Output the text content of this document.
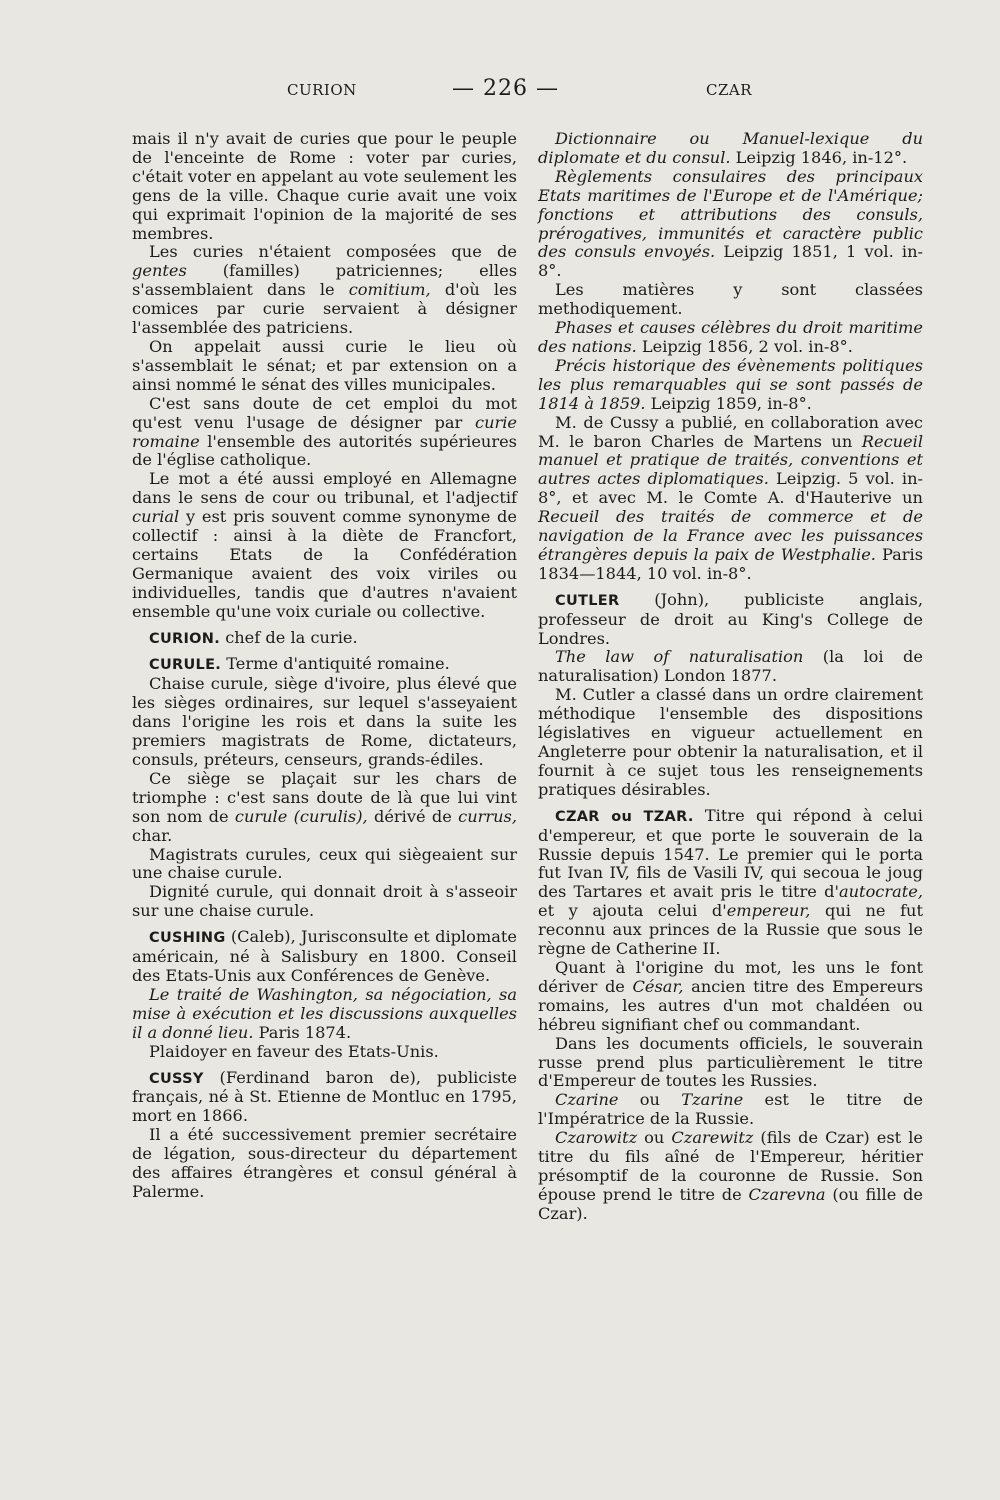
CURION	— 226 —	CZAR

mais il n'y avait de curies que pour le peuple de l'enceinte de Rome : voter par curies, c'était voter en appelant au vote seulement les gens de la ville. Chaque curie avait une voix qui exprimait l'opinion de la majorité de ses membres.

Les curies n'étaient composées que de gentes (familles) patriciennes; elles s'assemblaient dans le comitium, d'où les comices par curie servaient à désigner l'assemblée des patriciens.

On appelait aussi curie le lieu où s'assemblait le sénat; et par extension on a ainsi nommé le sénat des villes municipales.

C'est sans doute de cet emploi du mot qu'est venu l'usage de désigner par curie romaine l'ensemble des autorités supérieures de l'église catholique.

Le mot a été aussi employé en Allemagne dans le sens de cour ou tribunal, et l'adjectif curial y est pris souvent comme synonyme de collectif : ainsi à la diète de Francfort, certains Etats de la Confédération Germanique avaient des voix viriles ou individuelles, tandis que d'autres n'avaient ensemble qu'une voix curiale ou collective.

CURION. chef de la curie.

CURULE. Terme d'antiquité romaine.

Chaise curule, siège d'ivoire, plus élevé que les sièges ordinaires, sur lequel s'asseyaient dans l'origine les rois et dans la suite les premiers magistrats de Rome, dictateurs, consuls, préteurs, censeurs, grands-édiles.

Ce siège se plaçait sur les chars de triomphe : c'est sans doute de là que lui vint son nom de curule (curulis), dérivé de currus, char.

Magistrats curules, ceux qui siègeaient sur une chaise curule.

Dignité curule, qui donnait droit à s'asseoir sur une chaise curule.

CUSHING (Caleb), Jurisconsulte et diplomate américain, né à Salisbury en 1800. Conseil des Etats-Unis aux Conférences de Genève.

Le traité de Washington, sa négociation, sa mise à exécution et les discussions auxquelles il a donné lieu. Paris 1874.

Plaidoyer en faveur des Etats-Unis.

CUSSY (Ferdinand baron de), publiciste français, né à St. Etienne de Montluc en 1795, mort en 1866.

Il a été successivement premier secrétaire de légation, sous-directeur du département des affaires étrangères et consul général à Palerme.

Dictionnaire ou Manuel-lexique du diplomate et du consul. Leipzig 1846, in-12°.

Règlements consulaires des principaux Etats maritimes de l'Europe et de l'Amérique; fonctions et attributions des consuls, prérogatives, immunités et caractère public des consuls envoyés. Leipzig 1851, 1 vol. in-8°.

Les matières y sont classées methodiquement.

Phases et causes célèbres du droit maritime des nations. Leipzig 1856, 2 vol. in-8°.

Précis historique des évènements politiques les plus remarquables qui se sont passés de 1814 à 1859. Leipzig 1859, in-8°.

M. de Cussy a publié, en collaboration avec M. le baron Charles de Martens un Recueil manuel et pratique de traités, conventions et autres actes diplomatiques. Leipzig. 5 vol. in-8°, et avec M. le Comte A. d'Hauterive un Recueil des traités de commerce et de navigation de la France avec les puissances étrangères depuis la paix de Westphalie. Paris 1834—1844, 10 vol. in-8°.

CUTLER (John), publiciste anglais, professeur de droit au King's College de Londres.

The law of naturalisation (la loi de naturalisation) London 1877.

M. Cutler a classé dans un ordre clairement méthodique l'ensemble des dispositions législatives en vigueur actuellement en Angleterre pour obtenir la naturalisation, et il fournit à ce sujet tous les renseignements pratiques désirables.

CZAR ou TZAR. Titre qui répond à celui d'empereur, et que porte le souverain de la Russie depuis 1547. Le premier qui le porta fut Ivan IV, fils de Vasili IV, qui secoua le joug des Tartares et avait pris le titre d'autocrate, et y ajouta celui d'empereur, qui ne fut reconnu aux princes de la Russie que sous le règne de Catherine II.

Quant à l'origine du mot, les uns le font dériver de César, ancien titre des Empereurs romains, les autres d'un mot chaldéen ou hébreu signifiant chef ou commandant.

Dans les documents officiels, le souverain russe prend plus particulièrement le titre d'Empereur de toutes les Russies.

Czarine ou Tzarine est le titre de l'Impératrice de la Russie.

Czarowitz ou Czarewitz (fils de Czar) est le titre du fils aîné de l'Empereur, héritier présomptif de la couronne de Russie. Son épouse prend le titre de Czarevna (ou fille de Czar).
